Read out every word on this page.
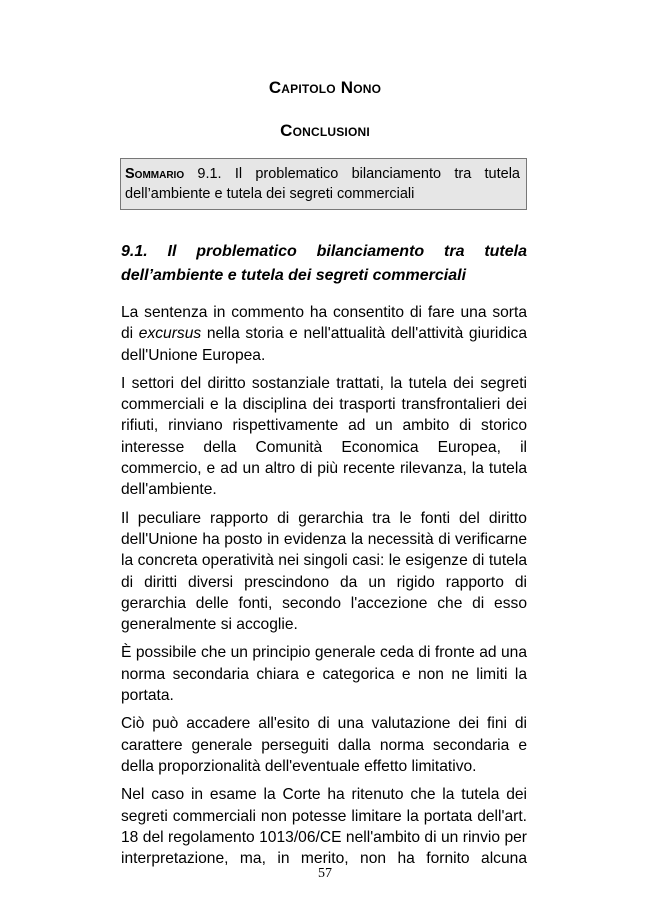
Capitolo Nono
Conclusioni
Sommario 9.1. Il problematico bilanciamento tra tutela dell’ambiente e tutela dei segreti commerciali
9.1. Il problematico bilanciamento tra tutela
dell’ambiente e tutela dei segreti commerciali

La sentenza in commento ha consentito di fare una sorta di excursus nella storia e nell'attualità dell'attività giuridica dell'Unione Europea.

I settori del diritto sostanziale trattati, la tutela dei segreti commerciali e la disciplina dei trasporti transfrontalieri dei rifiuti, rinviano rispettivamente ad un ambito di storico interesse della Comunità Economica Europea, il commercio, e ad un altro di più recente rilevanza, la tutela dell'ambiente.

Il peculiare rapporto di gerarchia tra le fonti del diritto dell'Unione ha posto in evidenza la necessità di verificarne la concreta operatività nei singoli casi: le esigenze di tutela di diritti diversi prescindono da un rigido rapporto di gerarchia delle fonti, secondo l'accezione che di esso generalmente si accoglie.

È possibile che un principio generale ceda di fronte ad una norma secondaria chiara e categorica e non ne limiti la portata.

Ciò può accadere all'esito di una valutazione dei fini di carattere generale perseguiti dalla norma secondaria e della proporzionalità dell'eventuale effetto limitativo.

Nel caso in esame la Corte ha ritenuto che la tutela dei segreti commerciali non potesse limitare la portata dell'art. 18 del regolamento 1013/06/CE nell'ambito di un rinvio per interpretazione, ma, in merito, non ha fornito alcuna

57
